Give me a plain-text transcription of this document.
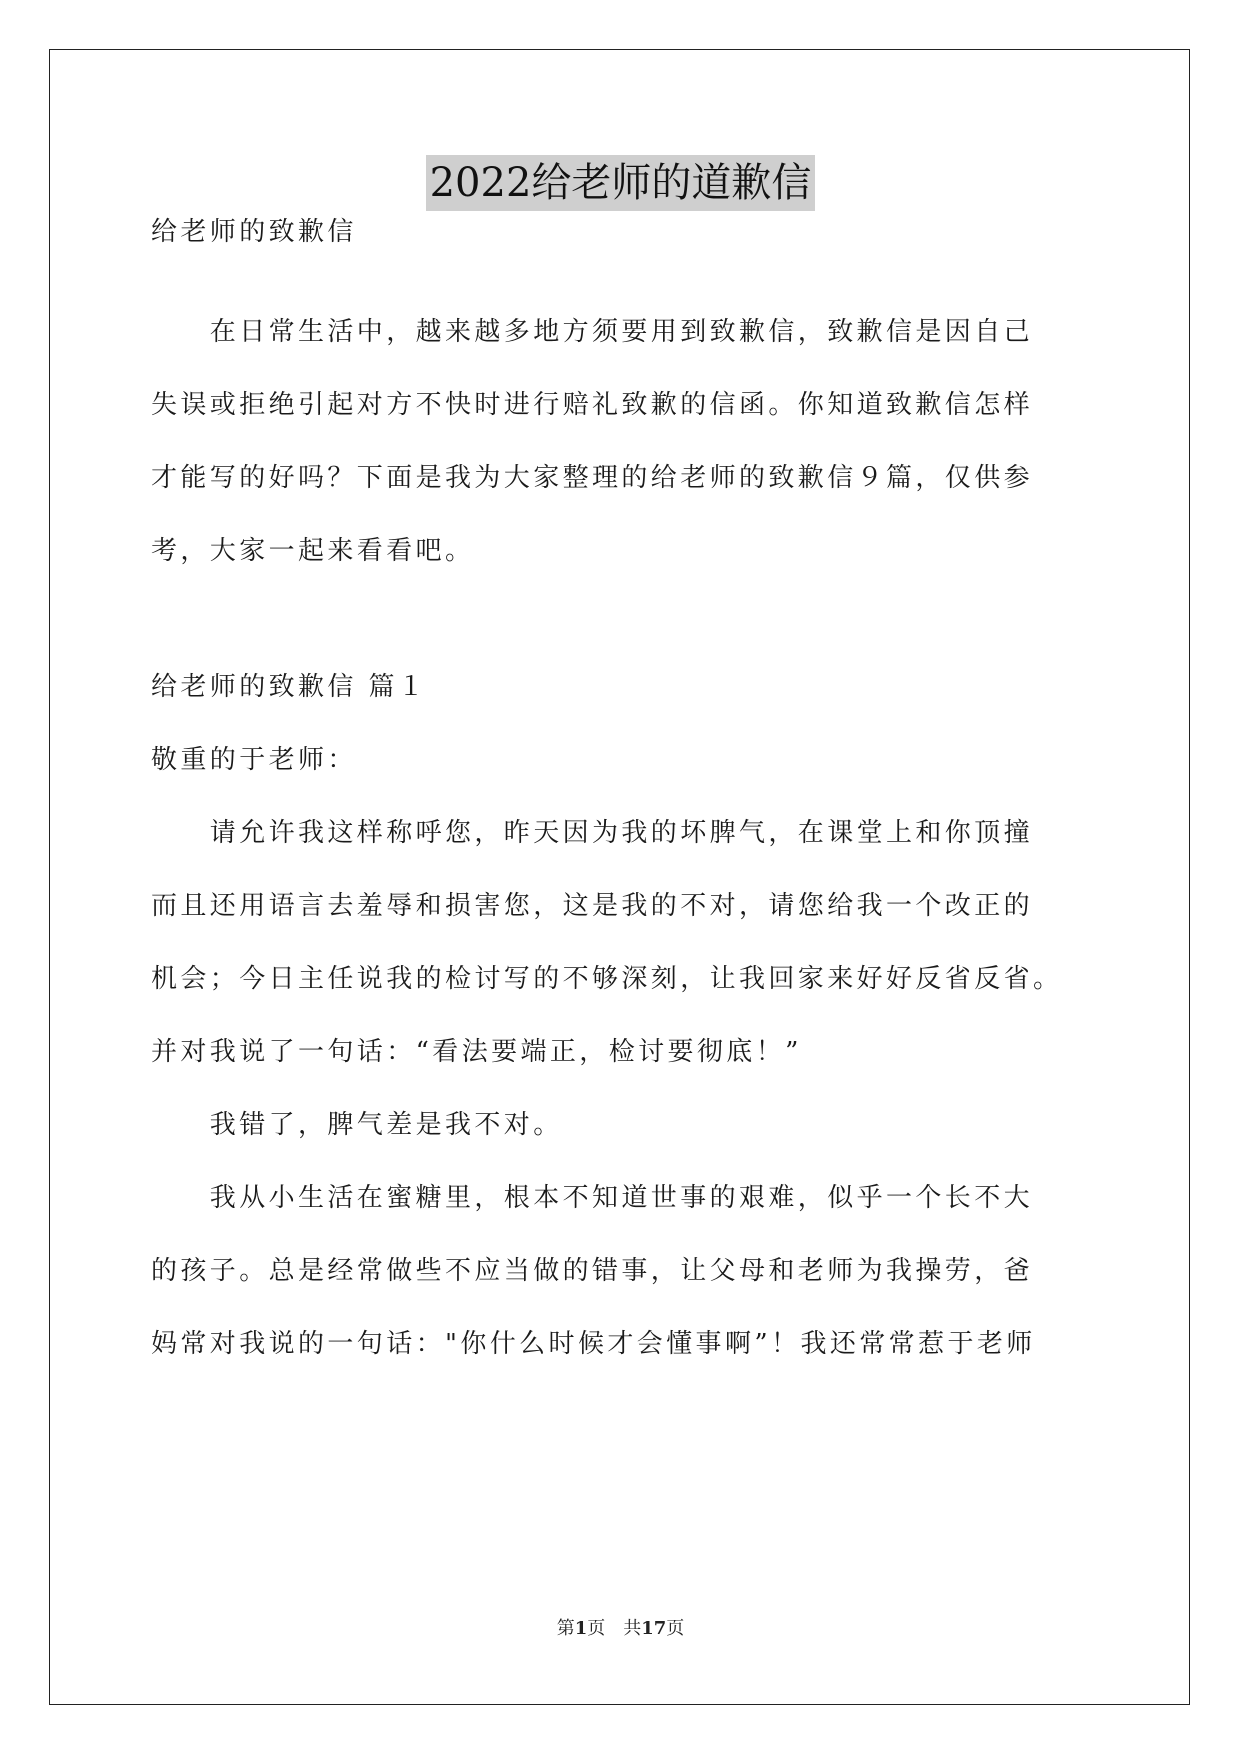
2022给老师的道歉信
给老师的致歉信
　　在日常生活中，越来越多地方须要用到致歉信，致歉信是因自己
失误或拒绝引起对方不快时进行赔礼致歉的信函。你知道致歉信怎样
才能写的好吗？下面是我为大家整理的给老师的致歉信９篇，仅供参
考，大家一起来看看吧。
给老师的致歉信 篇１
敬重的于老师：
　　请允许我这样称呼您，昨天因为我的坏脾气，在课堂上和你顶撞
而且还用语言去羞辱和损害您，这是我的不对，请您给我一个改正的
机会；今日主任说我的检讨写的不够深刻，让我回家来好好反省反省。
并对我说了一句话：“看法要端正，检讨要彻底！”
　　我错了，脾气差是我不对。
　　我从小生活在蜜糖里，根本不知道世事的艰难，似乎一个长不大
的孩子。总是经常做些不应当做的错事，让父母和老师为我操劳，爸
妈常对我说的一句话："你什么时候才会懂事啊”！我还常常惹于老师
第1页　共17页
